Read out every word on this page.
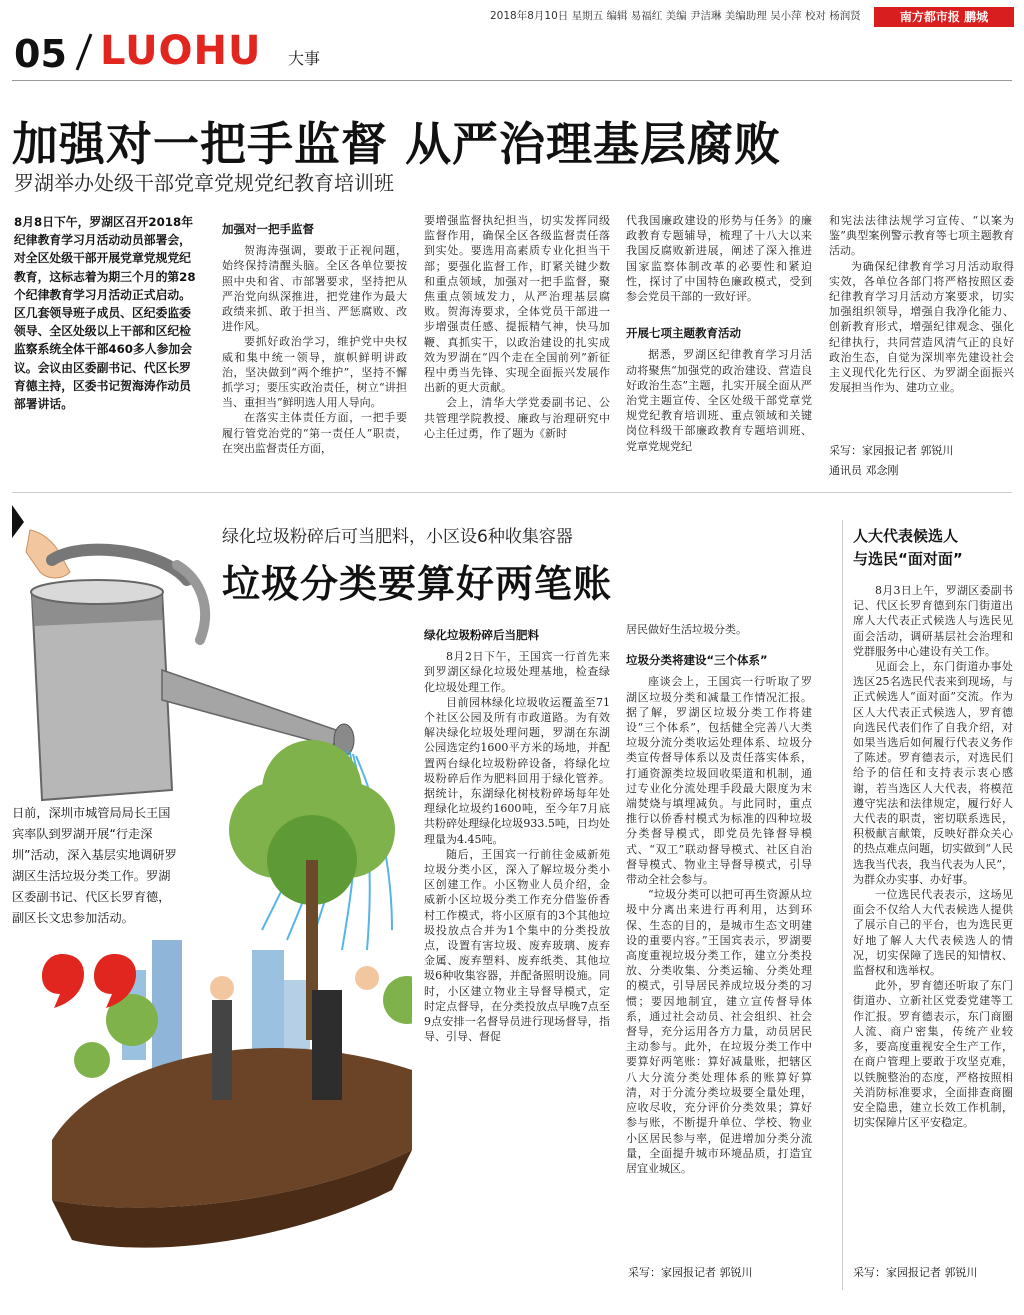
2018年8月10日 星期五 编辑 易福红 美编 尹洁琳 美编助理 吴小萍 校对 杨润贤	南方都市报 鹏城
05 LUOHU 大事
加强对一把手监督 从严治理基层腐败
罗湖举办处级干部党章党规党纪教育培训班
8月8日下午，罗湖区召开2018年纪律教育学习月活动动员部署会，对全区处级干部开展党章党规党纪教育，这标志着为期三个月的第28个纪律教育学习月活动正式启动。区几套领导班子成员、区纪委监委领导、全区处级以上干部和区纪检监察系统全体干部460多人参加会议。会议由区委副书记、代区长罗育德主持，区委书记贺海涛作动员部署讲话。
加强对一把手监督

贺海涛强调，要敢于正视问题，始终保持清醒头脑。全区各单位要按照中央和省、市部署要求，坚持把从严治党向纵深推进，把党建作为最大政绩来抓、敢于担当、严惩腐败、改进作风。

要抓好政治学习，维护党中央权威和集中统一领导，旗帜鲜明讲政治，坚决做到“两个维护”，坚持不懈抓学习；要压实政治责任，树立“讲担当、重担当”鲜明选人用人导向。

在落实主体责任方面，一把手要履行管党治党的“第一责任人”职责，在突出监督责任方面，

要增强监督执纪担当，切实发挥同级监督作用，确保全区各级监督责任落到实处。要选用高素质专业化担当干部；要强化监督工作，盯紧关键少数和重点领域，加强对一把手监督，聚焦重点领域发力，从严治理基层腐败。贺海涛要求，全体党员干部进一步增强责任感、提振精气神，快马加鞭、真抓实干，以政治建设的扎实成效为罗湖在“四个走在全国前列”新征程中勇当先锋、实现全面振兴发展作出新的更大贡献。

会上，清华大学党委副书记、公共管理学院教授、廉政与治理研究中心主任过勇，作了题为《新时

代我国廉政建设的形势与任务》的廉政教育专题辅导，梳理了十八大以来我国反腐败新进展，阐述了深入推进国家监察体制改革的必要性和紧迫性，探讨了中国特色廉政模式，受到参会党员干部的一致好评。

开展七项主题教育活动

据悉，罗湖区纪律教育学习月活动将聚焦“加强党的政治建设、营造良好政治生态”主题，扎实开展全面从严治党主题宣传、全区处级干部党章党规党纪教育培训班、重点领域和关键岗位科级干部廉政教育专题培训班、党章党规党纪

和宪法法律法规学习宣传、“以案为鉴”典型案例警示教育等七项主题教育活动。

为确保纪律教育学习月活动取得实效，各单位各部门将严格按照区委纪律教育学习月活动方案要求，切实加强组织领导，增强自我净化能力、创新教育形式，增强纪律观念、强化纪律执行，共同营造风清气正的良好政治生态，自觉为深圳率先建设社会主义现代化先行区、为罗湖全面振兴发展担当作为、建功立业。

采写：家园报记者 郭锐川
通讯员 邓念刚
绿化垃圾粉碎后可当肥料，小区设6种收集容器
垃圾分类要算好两笔账
日前，深圳市城管局局长王国宾率队到罗湖开展“行走深圳”活动，深入基层实地调研罗湖区生活垃圾分类工作。罗湖区委副书记、代区长罗育德，副区长文忠参加活动。
绿化垃圾粉碎后当肥料

8月2日下午，王国宾一行首先来到罗湖区绿化垃圾处理基地，检查绿化垃圾处理工作。

目前园林绿化垃圾收运覆盖至71个社区公园及所有市政道路。为有效解决绿化垃圾处理问题，罗湖在东湖公园选定约1600平方米的场地，并配置两台绿化垃圾粉碎设备，将绿化垃圾粉碎后作为肥料回用于绿化管养。据统计，东湖绿化树枝粉碎场每年处理绿化垃圾约1600吨，至今年7月底共粉碎处理绿化垃圾933.5吨，日均处理量为4.45吨。

随后，王国宾一行前往金威新苑垃圾分类小区，深入了解垃圾分类小区创建工作。小区物业人员介绍，金威新小区垃圾分类工作充分借鉴侨香村工作模式，将小区原有的3个其他垃圾投放点合并为1个集中的分类投放点，设置有害垃圾、废弃玻璃、废弃金属、废弃塑料、废弃纸类、其他垃圾6种收集容器，并配备照明设施。同时，小区建立物业主导督导模式，定时定点督导，在分类投放点早晚7点至9点安排一名督导员进行现场督导，指导、引导、督促

居民做好生活垃圾分类。

垃圾分类将建设“三个体系”

座谈会上，王国宾一行听取了罗湖区垃圾分类和减量工作情况汇报。据了解，罗湖区垃圾分类工作将建设“三个体系”，包括健全完善八大类垃圾分流分类收运处理体系、垃圾分类宣传督导体系以及责任落实体系，打通资源类垃圾回收渠道和机制，通过专业化分流处理手段最大限度为末端焚烧与填埋减负。与此同时，重点推行以侨香村模式为标准的四种垃圾分类督导模式，即党员先锋督导模式、“双工”联动督导模式、社区自治督导模式、物业主导督导模式，引导带动全社会参与。

“垃圾分类可以把可再生资源从垃圾中分离出来进行再利用，达到环保、生态的目的，是城市生态文明建设的重要内容。”王国宾表示，罗湖要高度重视垃圾分类工作，建立分类投放、分类收集、分类运输、分类处理的模式，引导居民养成垃圾分类的习惯；要因地制宜，建立宣传督导体系，通过社会动员、社会组织、社会督导，充分运用各方力量，动员居民主动参与。此外，在垃圾分类工作中要算好两笔账：算好减量账，把辖区八大分流分类处理体系的账算好算清，对于分流分类垃圾要全量处理，应收尽收，充分评价分类效果；算好参与账，不断提升单位、学校、物业小区居民参与率，促进增加分类分流量，全面提升城市环境品质，打造宜居宜业城区。

采写：家园报记者 郭锐川
人大代表候选人
与选民“面对面”

8月3日上午，罗湖区委副书记、代区长罗育德到东门街道出席人大代表正式候选人与选民见面会活动，调研基层社会治理和党群服务中心建设有关工作。

见面会上，东门街道办事处选区25名选民代表来到现场，与正式候选人“面对面”交流。作为区人大代表正式候选人，罗育德向选民代表们作了自我介绍，对如果当选后如何履行代表义务作了陈述。罗育德表示，对选民们给予的信任和支持表示衷心感谢，若当选区人大代表，将模范遵守宪法和法律规定，履行好人大代表的职责，密切联系选民，积极献言献策，反映好群众关心的热点难点问题，切实做到“人民选我当代表，我当代表为人民”，为群众办实事、办好事。

一位选民代表表示，这场见面会不仅给人大代表候选人提供了展示自己的平台，也为选民更好地了解人大代表候选人的情况，切实保障了选民的知情权、监督权和选举权。

此外，罗育德还听取了东门街道办、立新社区党委党建等工作汇报。罗育德表示，东门商圈人流、商户密集，传统产业较多，要高度重视安全生产工作，在商户管理上要敢于攻坚克难，以铁腕整治的态度，严格按照相关消防标准要求，全面排查商圈安全隐患，建立长效工作机制，切实保障片区平安稳定。

采写：家园报记者 郭锐川
